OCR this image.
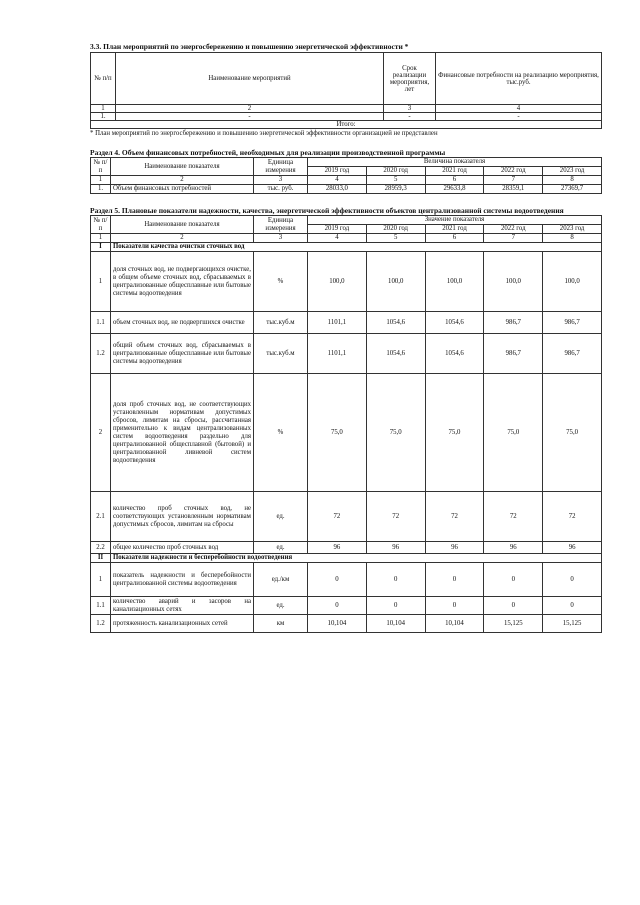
3.3. План мероприятий по энергосбережению и повышению энергетической эффективности *

№ п/п	Наименование мероприятий	Срок реализации мероприятия, лет	Финансовые потребности на реализацию мероприятия, тыс.руб.
1	2	3	4
1.	-	-	-
Итого:			

* План мероприятий по энергосбережению и повышению энергетической эффективности организацией не представлен

Раздел 4. Объем финансовых потребностей, необходимых для реализации производственной программы

№ п/п	Наименование показателя	Единица измерения	Величина показателя				
			2019 год	2020 год	2021 год	2022 год	2023 год
1	2	3	4	5	6	7	8
1.	Объем финансовых потребностей	тыс. руб.	28033,0	28959,3	29633,8	28359,1	27369,7

Раздел 5. Плановые показатели надежности, качества, энергетической эффективности объектов централизованной системы водоотведения

№ п/п	Наименование показателя	Единица измерения	Значение показателя				
			2019 год	2020 год	2021 год	2022 год	2023 год
1	2	3	4	5	6	7	8
I	Показатели качества очистки сточных вод						
1	доля сточных вод, не подвергающихся очистке, в общем объеме сточных вод, сбрасываемых в централизованные общесплавные или бытовые системы водоотведения	%	100,0	100,0	100,0	100,0	100,0
1.1	объем сточных вод, не подвергшихся очистке	тыс.куб.м	1101,1	1054,6	1054,6	986,7	986,7
1.2	общий объем сточных вод, сбрасываемых в централизованные общесплавные или бытовые системы водоотведения	тыс.куб.м	1101,1	1054,6	1054,6	986,7	986,7
2	доля проб сточных вод, не соответствующих установленным нормативам допустимых сбросов, лимитам на сбросы, рассчитанная применительно к видам централизованных систем водоотведения раздельно для централизованной общесплавной (бытовой) и централизованной ливневой систем водоотведения	%	75,0	75,0	75,0	75,0	75,0
2.1	количество проб сточных вод, не соответствующих установленным нормативам допустимых сбросов, лимитам на сбросы	ед.	72	72	72	72	72
2.2	общее количество проб сточных вод	ед.	96	96	96	96	96
II	Показатели надежности и бесперебойности водоотведения						
1	показатель надежности и бесперебойности централизованной системы водоотведения	ед./км	0	0	0	0	0
1.1	количество аварий и засоров на канализационных сетях	ед.	0	0	0	0	0
1.2	протяженность канализационных сетей	км	10,104	10,104	10,104	15,125	15,125
